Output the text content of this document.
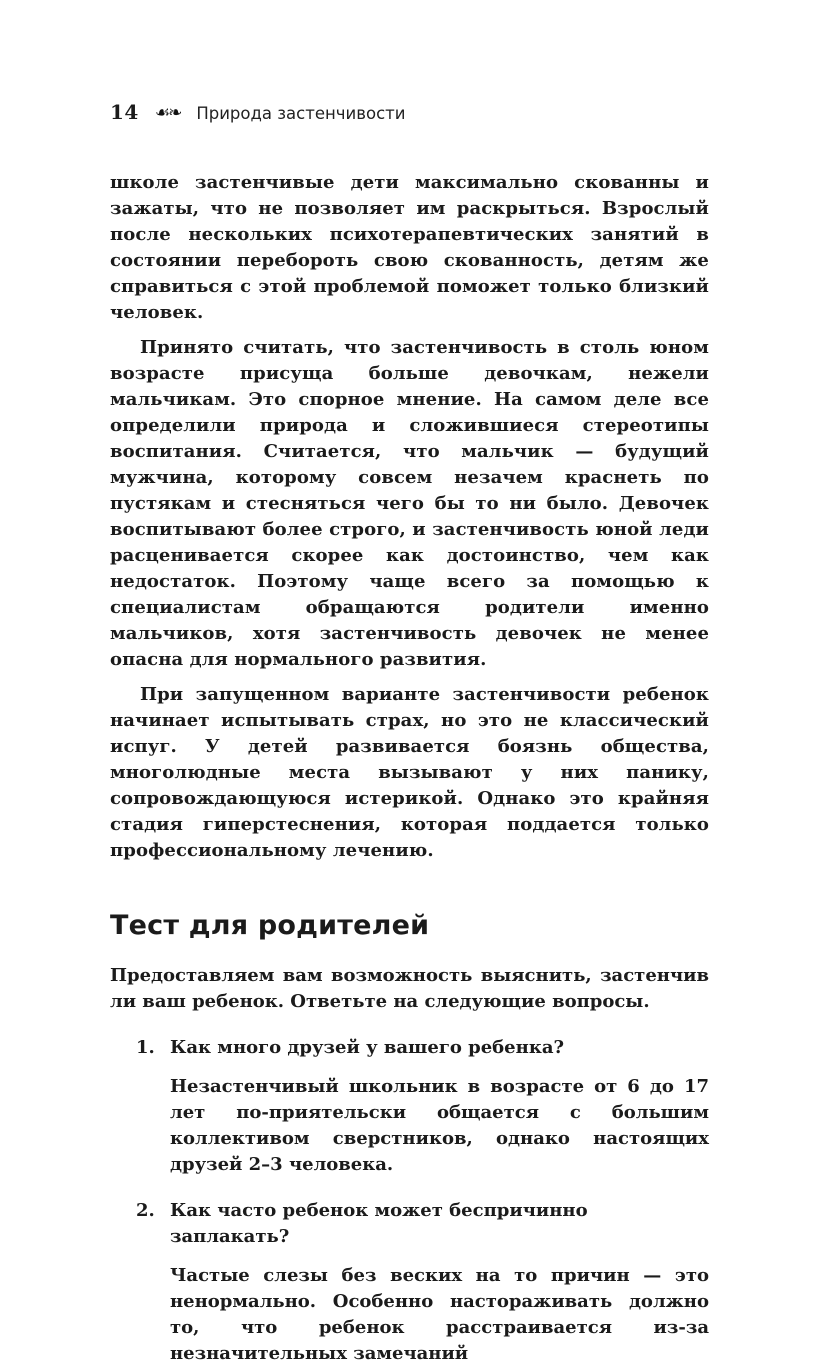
14 ☙❧ Природа застенчивости

школе застенчивые дети максимально скованны и зажаты, что не позволяет им раскрыться. Взрослый после нескольких психотерапевтических занятий в состоянии перебороть свою скованность, детям же справиться с этой проблемой поможет только близкий человек.

Принято считать, что застенчивость в столь юном возрасте присуща больше девочкам, нежели мальчикам. Это спорное мнение. На самом деле все определили природа и сложившиеся стереотипы воспитания. Считается, что мальчик — будущий мужчина, которому совсем незачем краснеть по пустякам и стесняться чего бы то ни было. Девочек воспитывают более строго, и застенчивость юной леди расценивается скорее как достоинство, чем как недостаток. Поэтому чаще всего за помощью к специалистам обращаются родители именно мальчиков, хотя застенчивость девочек не менее опасна для нормального развития.

При запущенном варианте застенчивости ребенок начинает испытывать страх, но это не классический испуг. У детей развивается боязнь общества, многолюдные места вызывают у них панику, сопровождающуюся истерикой. Однако это крайняя стадия гиперстеснения, которая поддается только профессиональному лечению.

Тест для родителей

Предоставляем вам возможность выяснить, застенчив ли ваш ребенок. Ответьте на следующие вопросы.

1. Как много друзей у вашего ребенка?
Незастенчивый школьник в возрасте от 6 до 17 лет по-приятельски общается с большим коллективом сверстников, однако настоящих друзей 2–3 человека.
2. Как часто ребенок может беспричинно заплакать?
Частые слезы без веских на то причин — это ненормально. Особенно настораживать должно то, что ребенок расстраивается из-за незначительных замечаний
